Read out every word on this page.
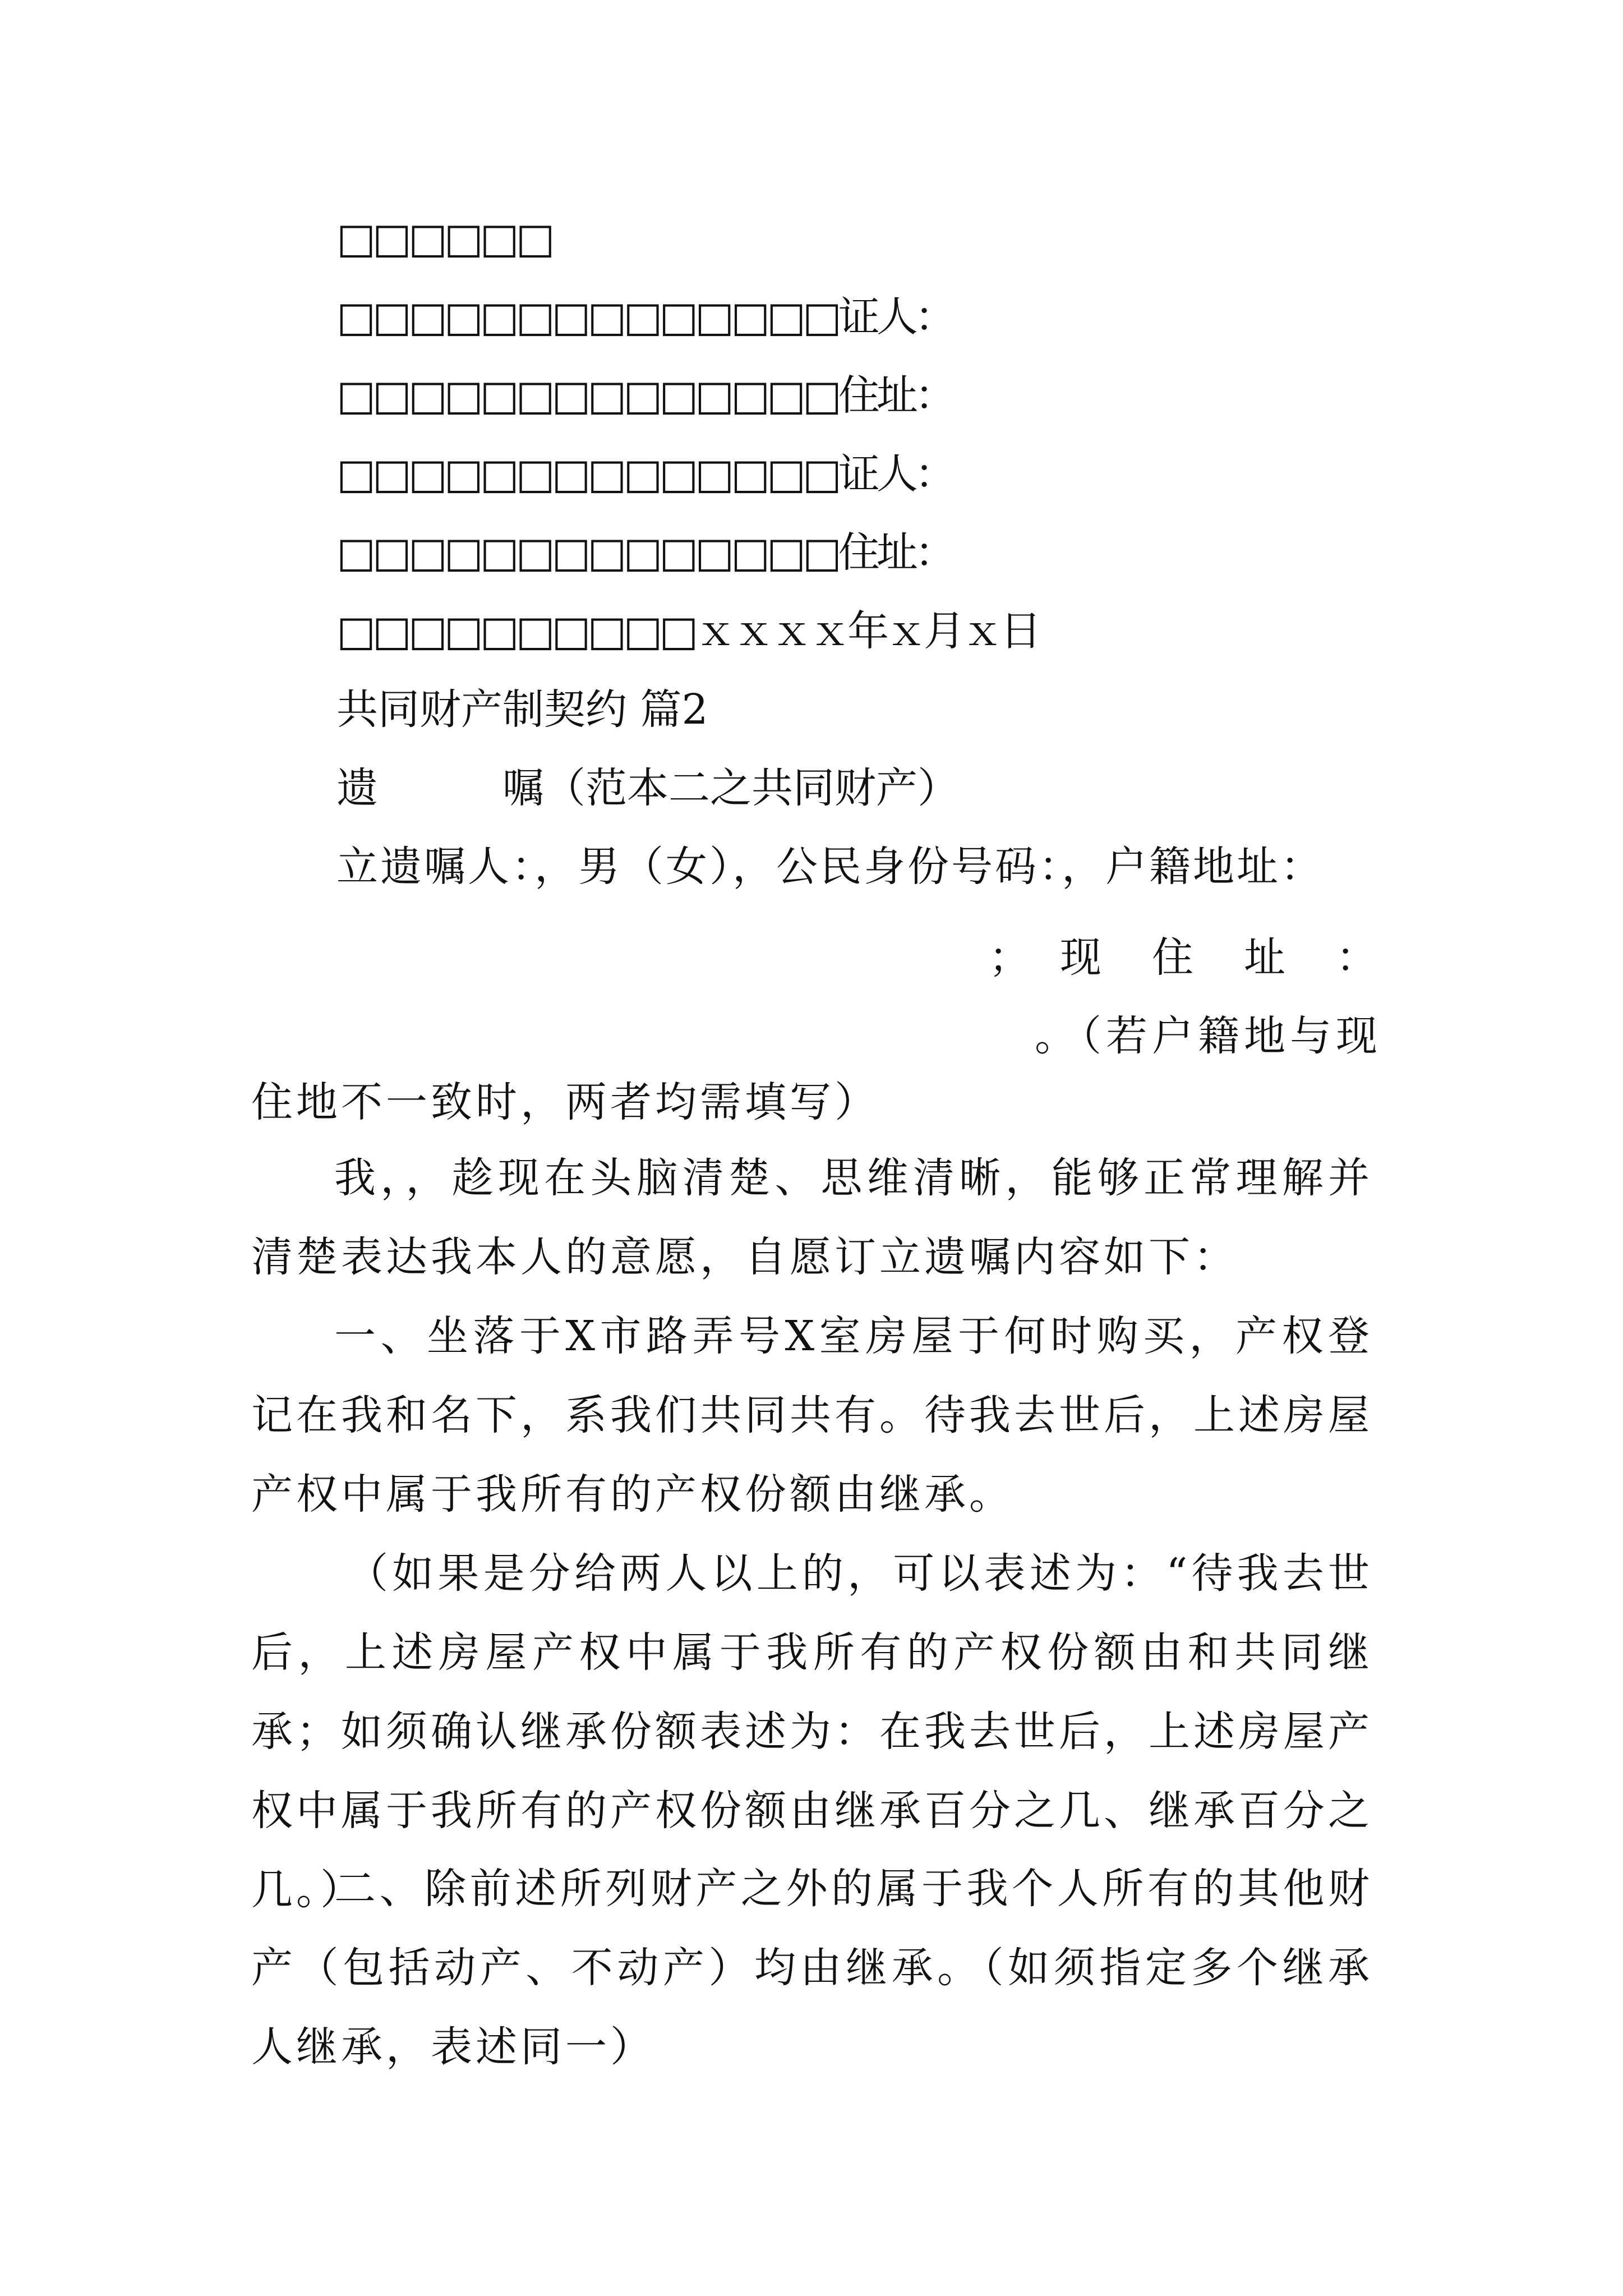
□□□□□□
□□□□□□□□□□□□□□证人：
□□□□□□□□□□□□□□住址：
□□□□□□□□□□□□□□证人：
□□□□□□□□□□□□□□住址：
□□□□□□□□□□ｘｘｘｘ年ｘ月ｘ日
共同财产制契约 篇2
遗　　　嘱（范本二之共同财产）
立遗嘱人：，男（女），公民身份号码：，户籍地址：
；　现　住　址　：
。（若户籍地与现
住地不一致时，两者均需填写）
我，，趁现在头脑清楚、思维清晰，能够正常理解并清楚表达我本人的意愿，自愿订立遗嘱内容如下：
一、坐落于X市路弄号X室房屋于何时购买，产权登记在我和名下，系我们共同共有。待我去世后，上述房屋产权中属于我所有的产权份额由继承。
（如果是分给两人以上的，可以表述为：“待我去世后，上述房屋产权中属于我所有的产权份额由和共同继承；如须确认继承份额表述为：在我去世后，上述房屋产权中属于我所有的产权份额由继承百分之几、继承百分之几。）
二、除前述所列财产之外的属于我个人所有的其他财产（包括动产、不动产）均由继承。（如须指定多个继承人继承，表述同一）
